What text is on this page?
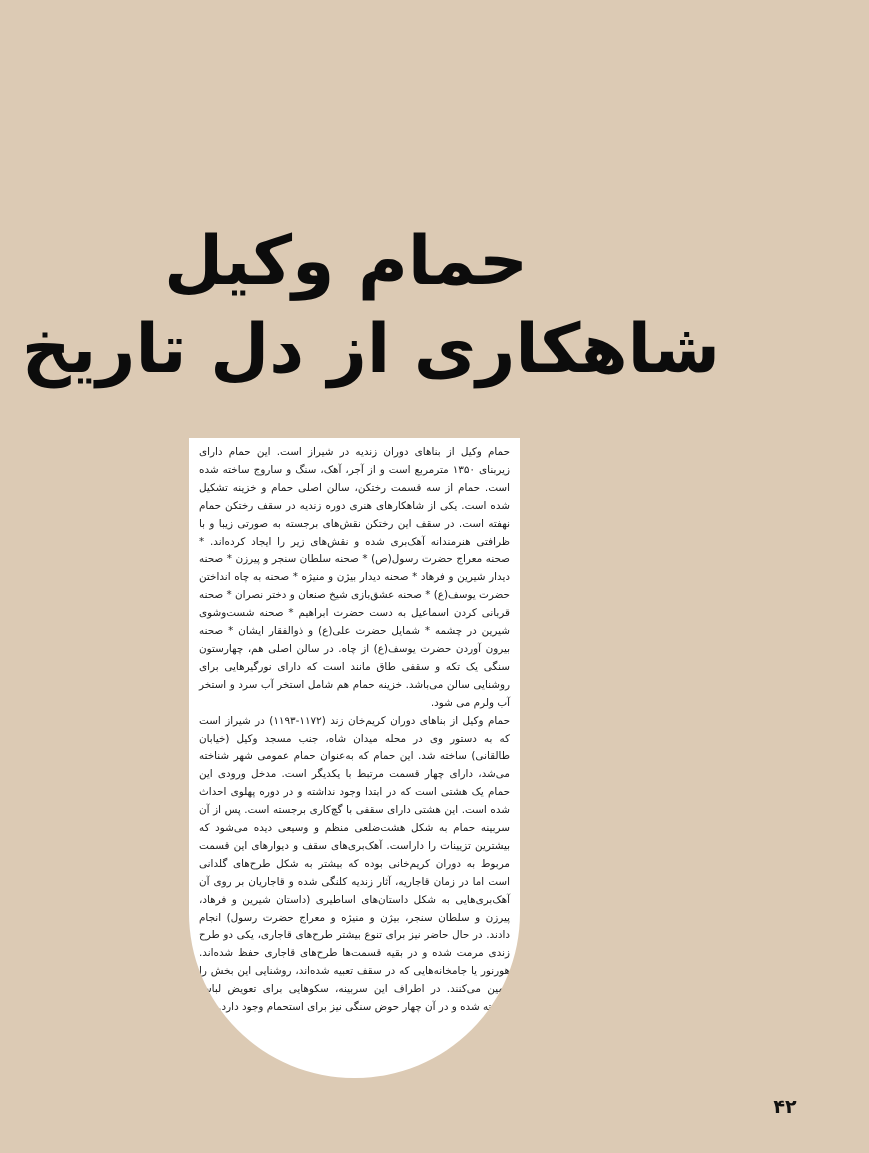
حمام وکیل
شاهکاری از دل تاریخ

حمام وکیل از بناهای دوران زندیه در شیراز است. این حمام دارای زیربنای ۱۳۵۰ مترمربع است و از آجر، آهک، سنگ و ساروج ساخته شده است. حمام از سه قسمت رختکن، سالن اصلی حمام و خزینه تشکیل شده است. یکی از شاهکارهای هنری دوره زندیه در سقف رختکن حمام نهفته است. در سقف این رختکن نقش‌های برجسته به صورتی زیبا و با ظرافتی هنرمندانه آهک‌بری شده و نقش‌های زیر را ایجاد کرده‌اند. * صحنه معراج حضرت رسول(ص) * صحنه سلطان سنجر و پیرزن * صحنه دیدار شیرین و فرهاد * صحنه دیدار بیژن و منیژه * صحنه به چاه انداختن حضرت یوسف(ع) * صحنه عشق‌بازی شیخ صنعان و دختر نصران * صحنه قربانی کردن اسماعیل به دست حضرت ابراهیم * صحنه شست‌وشوی شیرین در چشمه * شمایل حضرت علی(ع) و ذوالفقار ایشان * صحنه بیرون آوردن حضرت یوسف(ع) از چاه. در سالن اصلی هم، چهارستون سنگی یک تکه و سقفی طاق مانند است که دارای نورگیرهایی برای روشنایی سالن می‌باشد. خزینه حمام هم شامل استخر آب سرد و استخر آب ولرم می شود.

حمام وکیل از بناهای دوران کریم‌خان زند (۱۱۷۲-۱۱۹۳) در شیراز است که به دستور وی در محله میدان شاه، جنب مسجد وکیل (خیابان طالقانی) ساخته شد. این حمام که به‌عنوان حمام عمومی شهر شناخته می‌شد، دارای چهار قسمت مرتبط با یکدیگر است. مدخل ورودی این حمام یک هشتی است که در ابتدا وجود نداشته و در دوره پهلوی احداث شده است. این هشتی دارای سقفی با گچ‌کاری برجسته است. پس از آن سربینه حمام به شکل هشت‌ضلعی منظم و وسیعی دیده می‌شود که بیشترین تزیینات را داراست. آهک‌بری‌های سقف و دیوارهای این قسمت مربوط به دوران کریم‌خانی بوده که بیشتر به شکل طرح‌های گلدانی است اما در زمان قاجاریه، آثار زندیه کلنگی شده و قاجاریان بر روی آن آهک‌بری‌هایی به شکل داستان‌های اساطیری (داستان شیرین و فرهاد، پیرزن و سلطان سنجر، بیژن و منیژه و معراج حضرت رسول) انجام دادند. در حال حاضر نیز برای تنوع بیشتر طرح‌های قاجاری، یکی دو طرح زندی مرمت شده و در بقیه قسمت‌ها طرح‌های قاجاری حفظ شده‌اند. هورنور یا جامخانه‌هایی که در سقف تعبیه شده‌اند، روشنایی این بخش را تامین می‌کنند. در اطراف این سربینه، سکوهایی برای تعویض لباس ساخته شده و در آن چهار حوض سنگی نیز برای استحمام وجود دارد.

۴۲
